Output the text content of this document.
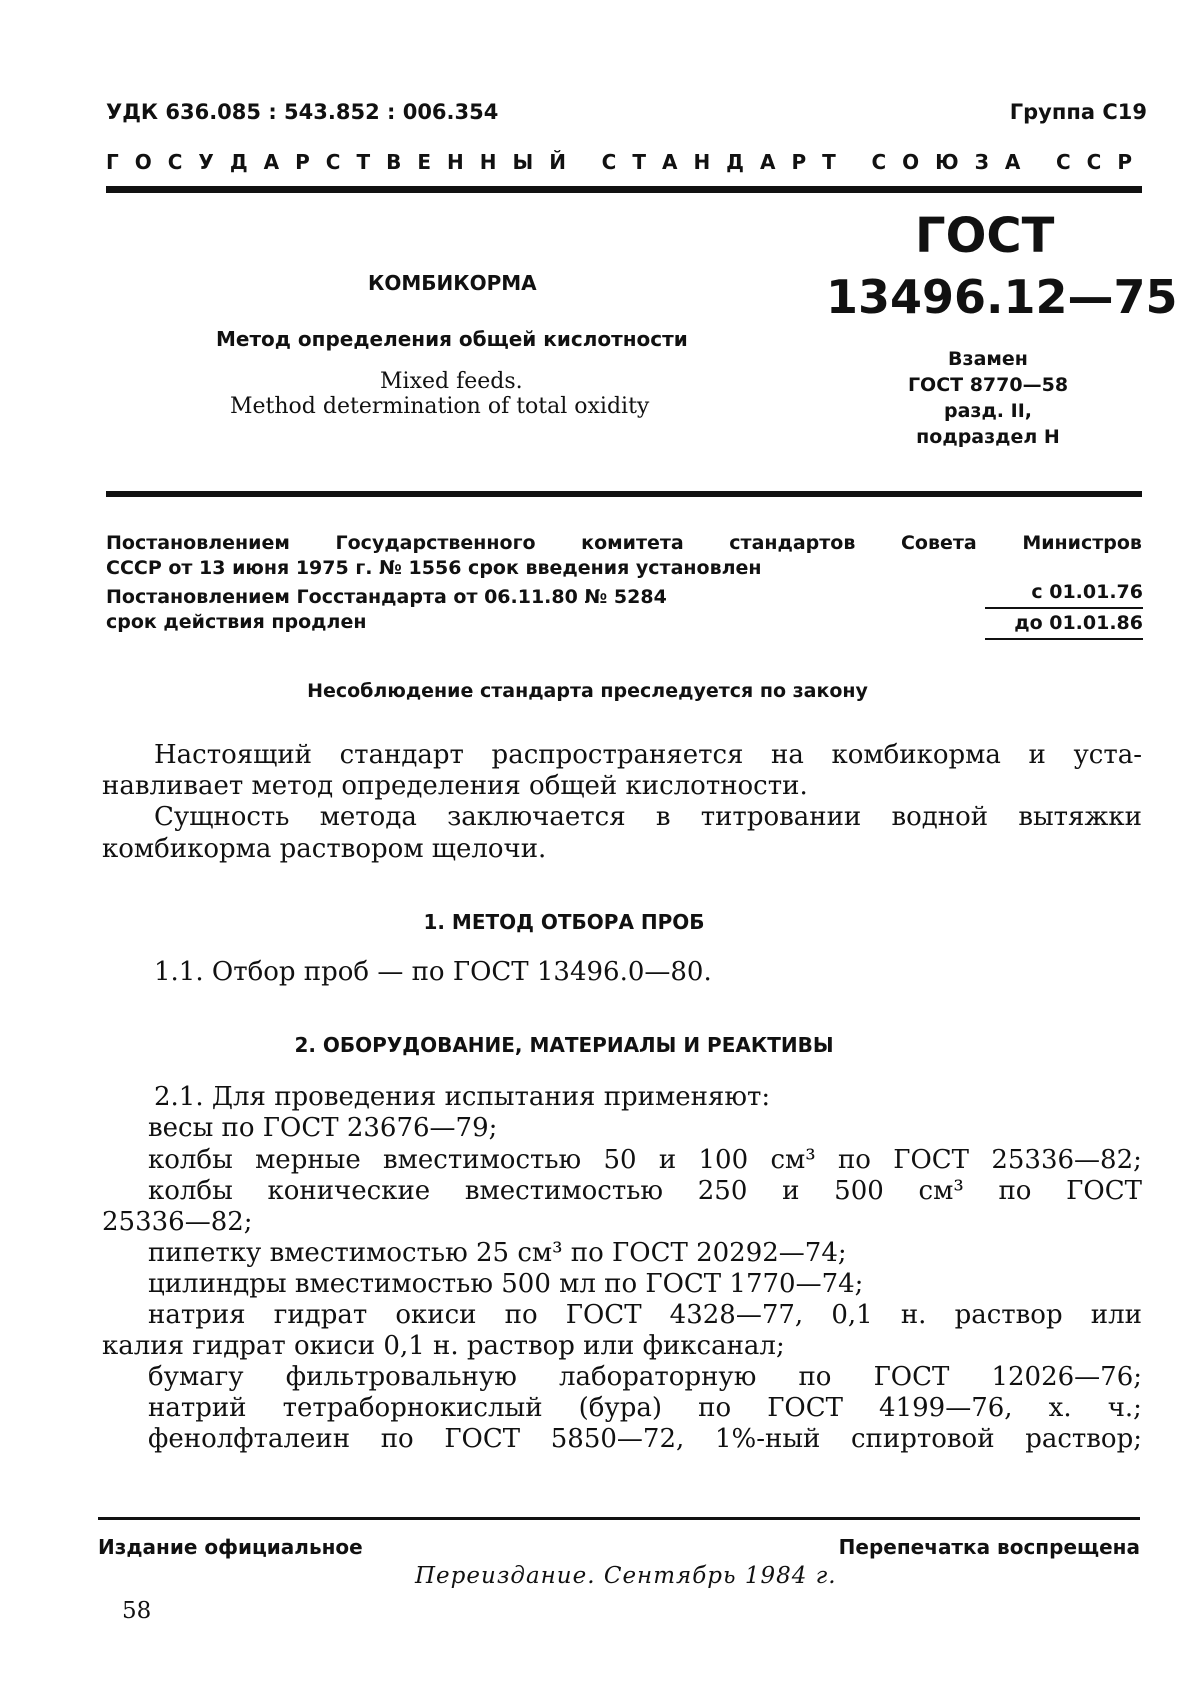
УДК 636.085 : 543.852 : 006.354	Группа С19
ГОСУДАРСТВЕННЫЙ СТАНДАРТ СОЮЗА ССР
ГОСТ
13496.12—75
КОМБИКОРМА
Метод определения общей кислотности
Mixed feeds.
Method determination of total oxidity
Взамен
ГОСТ 8770—58
разд. II,
подраздел Н
Постановлением Государственного комитета стандартов Совета Министров
СССР от 13 июня 1975 г. № 1556 срок введения установлен
Постановлением Госстандарта от 06.11.80 № 5284
срок действия продлен
с 01.01.76
до 01.01.86
Несоблюдение стандарта преследуется по закону
Настоящий стандарт распространяется на комбикорма и уста-
навливает метод определения общей кислотности.
Сущность метода заключается в титровании водной вытяжки
комбикорма раствором щелочи.
1. МЕТОД ОТБОРА ПРОБ
1.1. Отбор проб — по ГОСТ 13496.0—80.
2. ОБОРУДОВАНИЕ, МАТЕРИАЛЫ И РЕАКТИВЫ
2.1. Для проведения испытания применяют:
весы по ГОСТ 23676—79;
колбы мерные вместимостью 50 и 100 см³ по ГОСТ 25336—82;
колбы конические вместимостью 250 и 500 см³ по ГОСТ
25336—82;
пипетку вместимостью 25 см³ по ГОСТ 20292—74;
цилиндры вместимостью 500 мл по ГОСТ 1770—74;
натрия гидрат окиси по ГОСТ 4328—77, 0,1 н. раствор или
калия гидрат окиси 0,1 н. раствор или фиксанал;
бумагу фильтровальную лабораторную по ГОСТ 12026—76;
натрий тетраборнокислый (бура) по ГОСТ 4199—76, х. ч.;
фенолфталеин по ГОСТ 5850—72, 1%-ный спиртовой раствор;
Издание официальное	Перепечатка воспрещена
Переиздание. Сентябрь 1984 г.
58
